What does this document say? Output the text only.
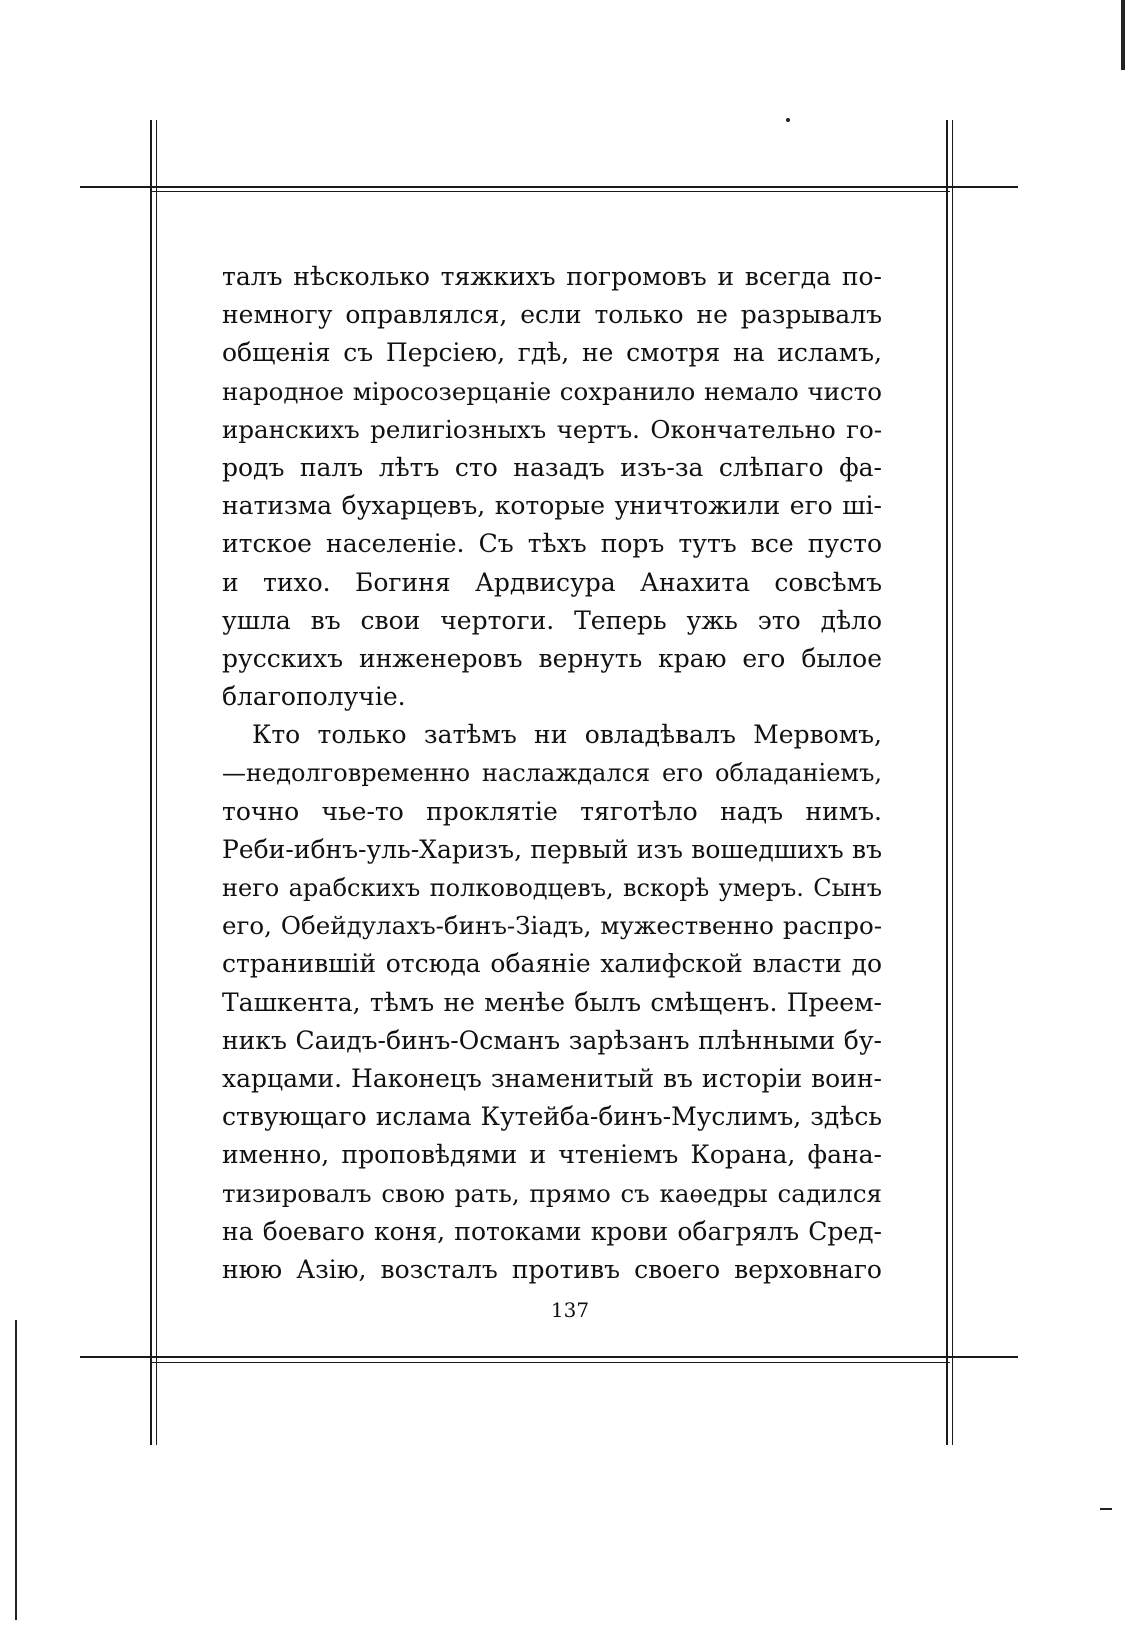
талъ нѣсколько тяжкихъ погромовъ и всегда по-
немногу оправлялся, если только не разрывалъ
общенія съ Персіею, гдѣ, не смотря на исламъ,
народное міросозерцаніе сохранило немало чисто
иранскихъ религіозныхъ чертъ. Окончательно го-
родъ палъ лѣтъ сто назадъ изъ-за слѣпаго фа-
натизма бухарцевъ, которые уничтожили его ші-
итское населеніе. Съ тѣхъ поръ тутъ все пусто
и тихо. Богиня Ардвисура Анахита совсѣмъ
ушла въ свои чертоги. Теперь ужь это дѣло
русскихъ инженеровъ вернуть краю его былое
благополучіе.
Кто только затѣмъ ни овладѣвалъ Мервомъ,
—недолговременно наслаждался его обладаніемъ,
точно чье-то проклятіе тяготѣло надъ нимъ.
Реби-ибнъ-уль-Харизъ, первый изъ вошедшихъ въ
него арабскихъ полководцевъ, вскорѣ умеръ. Сынъ
его, Обейдулахъ-бинъ-Зіадъ, мужественно распро-
странившій отсюда обаяніе халифской власти до
Ташкента, тѣмъ не менѣе былъ смѣщенъ. Преем-
никъ Саидъ-бинъ-Османъ зарѣзанъ плѣнными бу-
харцами. Наконецъ знаменитый въ исторіи воин-
ствующаго ислама Кутейба-бинъ-Муслимъ, здѣсь
именно, проповѣдями и чтеніемъ Корана, фана-
тизировалъ свою рать, прямо съ каѳедры садился
на боеваго коня, потоками крови обагрялъ Сред-
нюю Азію, возсталъ противъ своего верховнаго
137
